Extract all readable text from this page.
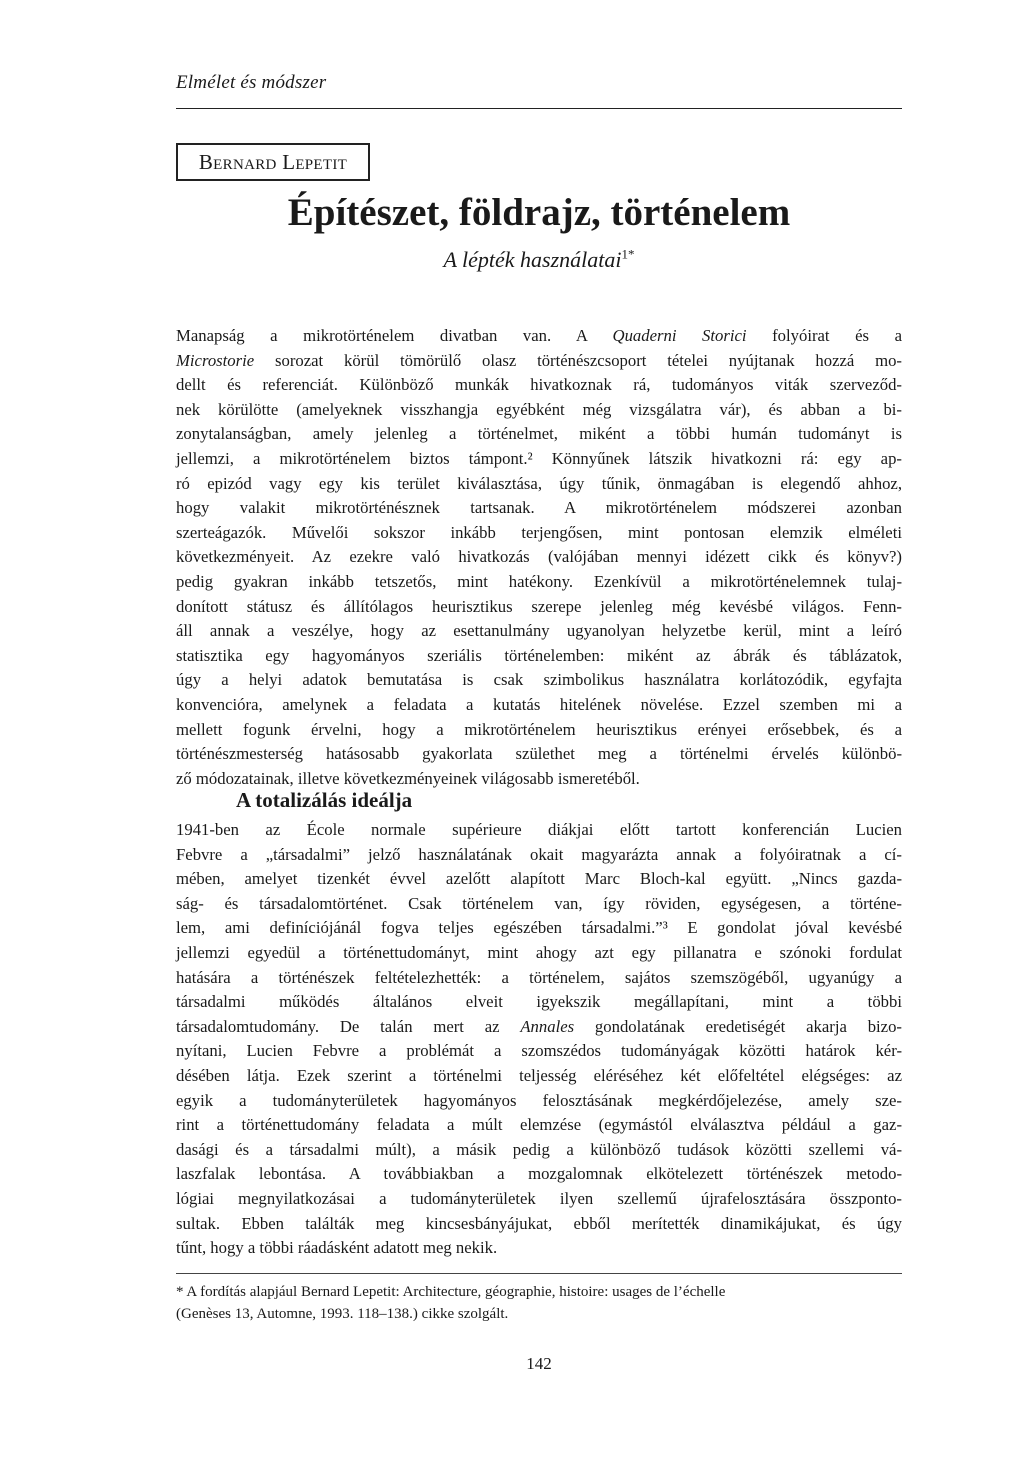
Elmélet és módszer
Bernard Lepetit
Építészet, földrajz, történelem
A lépték használatai$^{1*}$
Manapság a mikrotörténelem divatban van. A Quaderni Storici folyóirat és a
Microstorie sorozat körül tömörülő olasz történészcsoport tételei nyújtanak hozzá mo-
dellt és referenciát. Különböző munkák hivatkoznak rá, tudományos viták szerveződ-
nek körülötte (amelyeknek visszhangja egyébként még vizsgálatra vár), és abban a bi-
zonytalanságban, amely jelenleg a történelmet, miként a többi humán tudományt is
jellemzi, a mikrotörténelem biztos támpont.² Könnyűnek látszik hivatkozni rá: egy ap-
ró epizód vagy egy kis terület kiválasztása, úgy tűnik, önmagában is elegendő ahhoz,
hogy valakit mikrotörténésznek tartsanak. A mikrotörténelem módszerei azonban
szerteágazók. Művelői sokszor inkább terjengősen, mint pontosan elemzik elméleti
következményeit. Az ezekre való hivatkozás (valójában mennyi idézett cikk és könyv?)
pedig gyakran inkább tetszetős, mint hatékony. Ezenkívül a mikrotörténelemnek tulaj-
donított státusz és állítólagos heurisztikus szerepe jelenleg még kevésbé világos. Fenn-
áll annak a veszélye, hogy az esettanulmány ugyanolyan helyzetbe kerül, mint a leíró
statisztika egy hagyományos szeriális történelemben: miként az ábrák és táblázatok,
úgy a helyi adatok bemutatása is csak szimbolikus használatra korlátozódik, egyfajta
konvencióra, amelynek a feladata a kutatás hitelének növelése. Ezzel szemben mi a
mellett fogunk érvelni, hogy a mikrotörténelem heurisztikus erényei erősebbek, és a
történészmesterség hatásosabb gyakorlata születhet meg a történelmi érvelés különbö-
ző módozatainak, illetve következményeinek világosabb ismeretéből.
A totalizálás ideálja
1941-ben az École normale supérieure diákjai előtt tartott konferencián Lucien
Febvre a „társadalmi” jelző használatának okait magyarázta annak a folyóiratnak a cí-
mében, amelyet tizenkét évvel azelőtt alapított Marc Bloch-kal együtt. „Nincs gazda-
ság- és társadalomtörténet. Csak történelem van, így röviden, egységesen, a történe-
lem, ami definíciójánál fogva teljes egészében társadalmi.”³ E gondolat jóval kevésbé
jellemzi egyedül a történettudományt, mint ahogy azt egy pillanatra e szónoki fordulat
hatására a történészek feltételezhették: a történelem, sajátos szemszögéből, ugyanúgy a
társadalmi működés általános elveit igyekszik megállapítani, mint a többi
társadalomtudomány. De talán mert az Annales gondolatának eredetiségét akarja bizo-
nyítani, Lucien Febvre a problémát a szomszédos tudományágak közötti határok kér-
désében látja. Ezek szerint a történelmi teljesség eléréséhez két előfeltétel elégséges: az
egyik a tudományterületek hagyományos felosztásának megkérdőjelezése, amely sze-
rint a történettudomány feladata a múlt elemzése (egymástól elválasztva például a gaz-
dasági és a társadalmi múlt), a másik pedig a különböző tudások közötti szellemi vá-
laszfalak lebontása. A továbbiakban a mozgalomnak elkötelezett történészek metodo-
lógiai megnyilatkozásai a tudományterületek ilyen szellemű újrafelosztására összponto-
sultak. Ebben találták meg kincsesbányájukat, ebből merítették dinamikájukat, és úgy
tűnt, hogy a többi ráadásként adatott meg nekik.
* A fordítás alapjául Bernard Lepetit: Architecture, géographie, histoire: usages de l’échelle
(Genèses 13, Automne, 1993. 118–138.) cikke szolgált.
142
